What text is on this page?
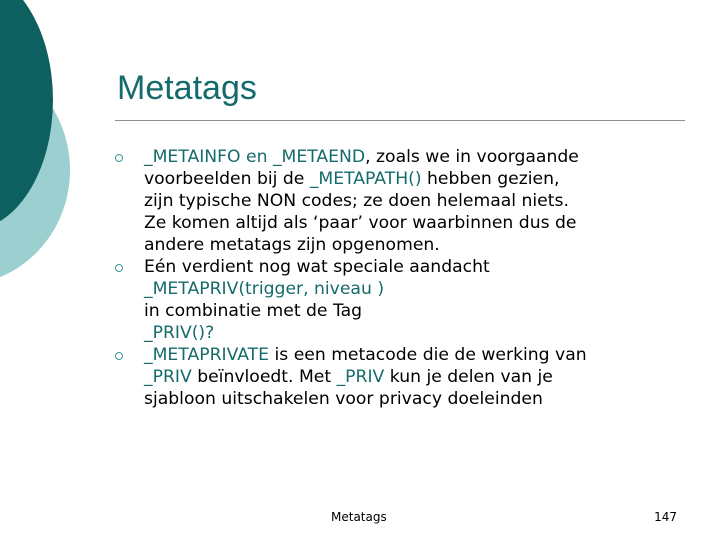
Metatags
_METAINFO en _METAEND, zoals we in voorgaande
voorbeelden bij de _METAPATH() hebben gezien,
zijn typische NON codes; ze doen helemaal niets.
Ze komen altijd als ‘paar’ voor waarbinnen dus de
andere metatags zijn opgenomen.
Eén verdient nog wat speciale aandacht
_METAPRIV(trigger, niveau )
in combinatie met de Tag
_PRIV()?
_METAPRIVATE is een metacode die de werking van
_PRIV beïnvloedt. Met _PRIV kun je delen van je
sjabloon uitschakelen voor privacy doeleinden
Metatags	147
